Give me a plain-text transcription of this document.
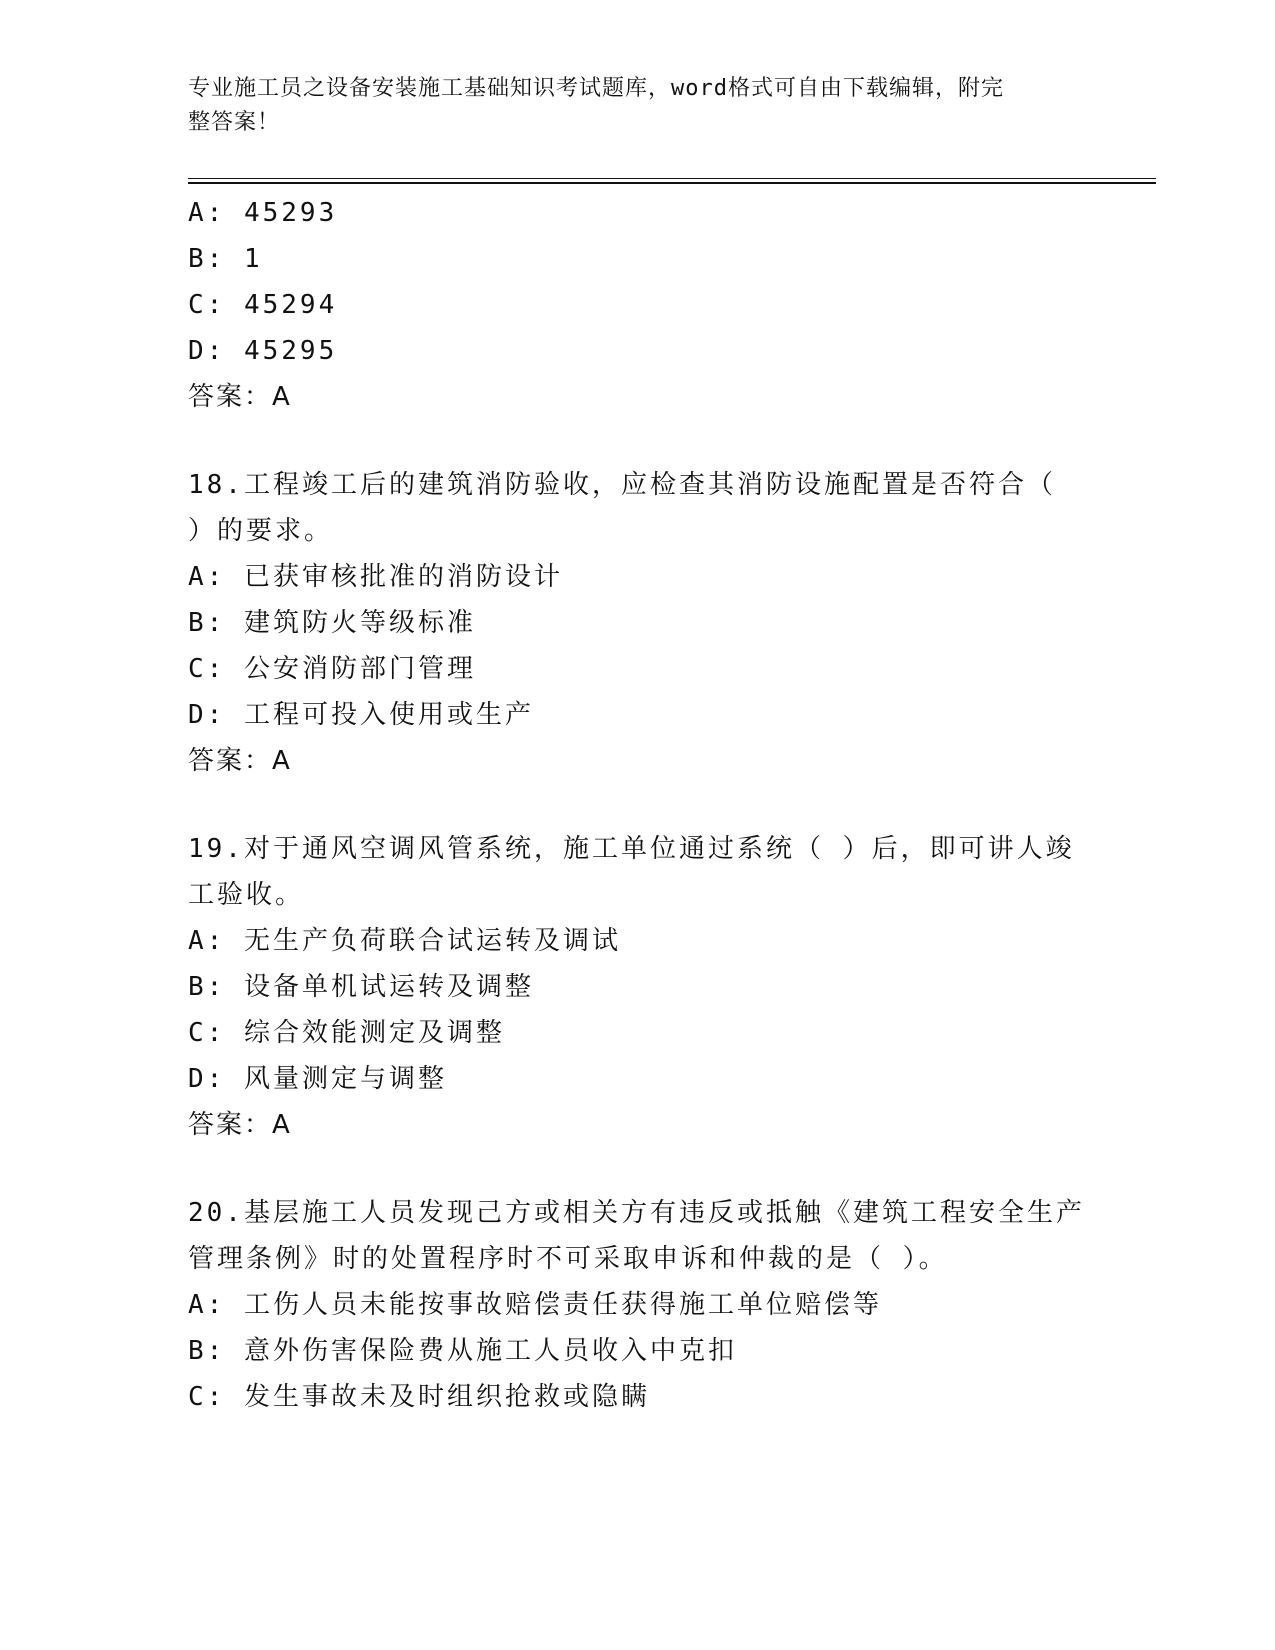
专业施工员之设备安装施工基础知识考试题库，word格式可自由下载编辑，附完
整答案！
A: 45293
B: 1
C: 45294
D: 45295
答案：A
18.工程竣工后的建筑消防验收，应检查其消防设施配置是否符合（
）的要求。
A: 已获审核批准的消防设计
B: 建筑防火等级标准
C: 公安消防部门管理
D: 工程可投入使用或生产
答案：A
19.对于通风空调风管系统，施工单位通过系统（ ）后，即可讲人竣
工验收。
A: 无生产负荷联合试运转及调试
B: 设备单机试运转及调整
C: 综合效能测定及调整
D: 风量测定与调整
答案：A
20.基层施工人员发现己方或相关方有违反或抵触《建筑工程安全生产
管理条例》时的处置程序时不可采取申诉和仲裁的是（ ）。
A: 工伤人员未能按事故赔偿责任获得施工单位赔偿等
B: 意外伤害保险费从施工人员收入中克扣
C: 发生事故未及时组织抢救或隐瞒
